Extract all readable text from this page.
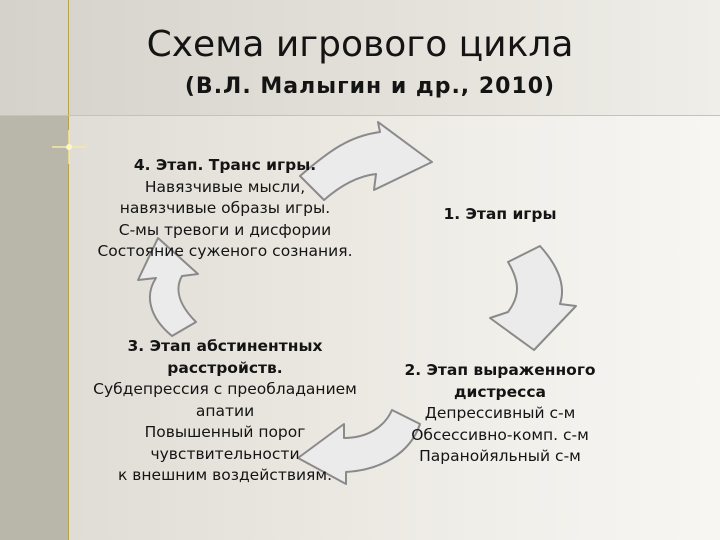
Схема игрового цикла
(В.Л. Малыгин и др., 2010)
4. Этап. Транс игры.
Навязчивые мысли,
навязчивые образы игры.
С-мы тревоги и дисфории
Состояние суженого сознания.
1. Этап игры
3. Этап абстинентных
расстройств.
Субдепрессия с преобладанием
апатии
Повышенный порог
чувствительности
к внешним воздействиям.
2. Этап выраженного
дистресса
Депрессивный с-м
Обсессивно-комп. с-м
Паранойяльный с-м
